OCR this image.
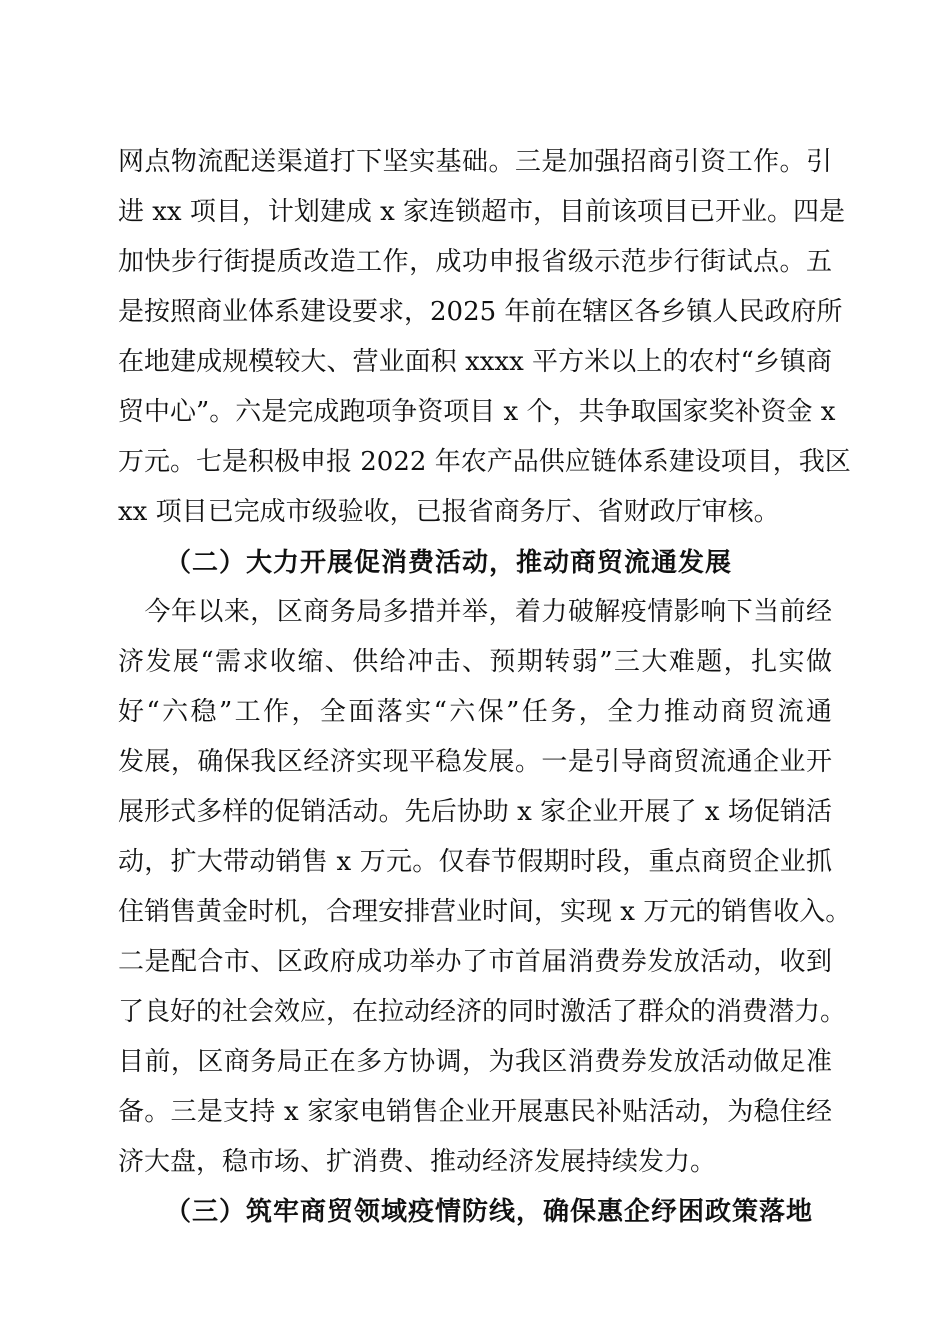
网点物流配送渠道打下坚实基础。三是加强招商引资工作。引
进 xx 项目，计划建成 x 家连锁超市，目前该项目已开业。四是
加快步行街提质改造工作，成功申报省级示范步行街试点。五
是按照商业体系建设要求，2025 年前在辖区各乡镇人民政府所
在地建成规模较大、营业面积 xxxx 平方米以上的农村“乡镇商
贸中心”。六是完成跑项争资项目 x 个，共争取国家奖补资金 x
万元。七是积极申报 2022 年农产品供应链体系建设项目，我区
xx 项目已完成市级验收，已报省商务厅、省财政厅审核。
（二）大力开展促消费活动，推动商贸流通发展
　今年以来，区商务局多措并举，着力破解疫情影响下当前经
济发展“需求收缩、供给冲击、预期转弱”三大难题，扎实做
好“六稳”工作，全面落实“六保”任务，全力推动商贸流通
发展，确保我区经济实现平稳发展。一是引导商贸流通企业开
展形式多样的促销活动。先后协助 x 家企业开展了 x 场促销活
动，扩大带动销售 x 万元。仅春节假期时段，重点商贸企业抓
住销售黄金时机，合理安排营业时间，实现 x 万元的销售收入。
二是配合市、区政府成功举办了市首届消费券发放活动，收到
了良好的社会效应，在拉动经济的同时激活了群众的消费潜力。
目前，区商务局正在多方协调，为我区消费券发放活动做足准
备。三是支持 x 家家电销售企业开展惠民补贴活动，为稳住经
济大盘，稳市场、扩消费、推动经济发展持续发力。
（三）筑牢商贸领域疫情防线，确保惠企纾困政策落地
